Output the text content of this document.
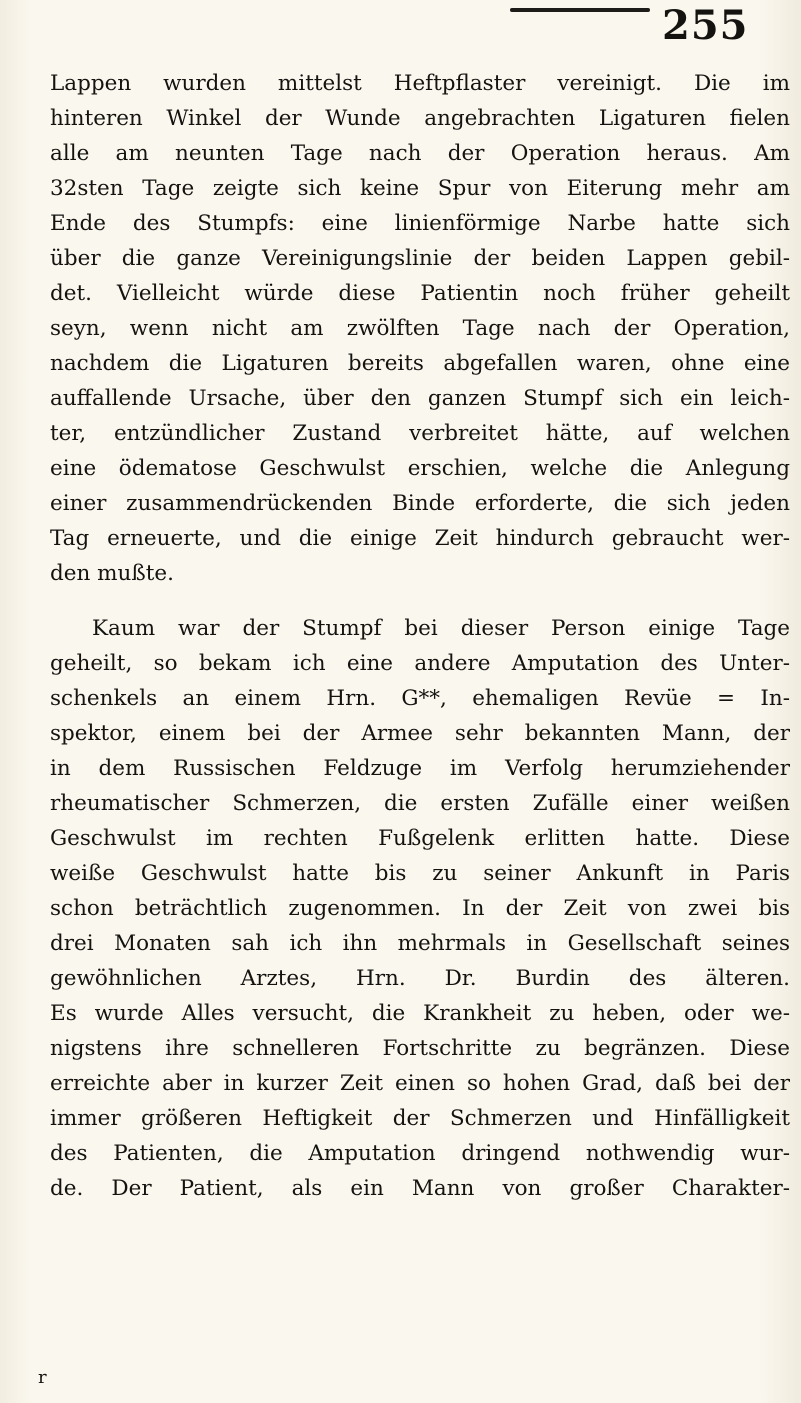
255
Lappen wurden mittelst Heftpflaster vereinigt. Die im
hinteren Winkel der Wunde angebrachten Ligaturen fielen
alle am neunten Tage nach der Operation heraus. Am
32sten Tage zeigte sich keine Spur von Eiterung mehr am
Ende des Stumpfs: eine linienförmige Narbe hatte sich
über die ganze Vereinigungslinie der beiden Lappen gebil-
det. Vielleicht würde diese Patientin noch früher geheilt
seyn, wenn nicht am zwölften Tage nach der Operation,
nachdem die Ligaturen bereits abgefallen waren, ohne eine
auffallende Ursache, über den ganzen Stumpf sich ein leich-
ter, entzündlicher Zustand verbreitet hätte, auf welchen
eine ödematose Geschwulst erschien, welche die Anlegung
einer zusammendrückenden Binde erforderte, die sich jeden
Tag erneuerte, und die einige Zeit hindurch gebraucht wer-
den mußte.
Kaum war der Stumpf bei dieser Person einige Tage
geheilt, so bekam ich eine andere Amputation des Unter-
schenkels an einem Hrn. G**, ehemaligen Revüe = In-
spektor, einem bei der Armee sehr bekannten Mann, der
in dem Russischen Feldzuge im Verfolg herumziehender
rheumatischer Schmerzen, die ersten Zufälle einer weißen
Geschwulst im rechten Fußgelenk erlitten hatte. Diese
weiße Geschwulst hatte bis zu seiner Ankunft in Paris
schon beträchtlich zugenommen. In der Zeit von zwei bis
drei Monaten sah ich ihn mehrmals in Gesellschaft seines
gewöhnlichen Arztes, Hrn. Dr. Burdin des älteren.
Es wurde Alles versucht, die Krankheit zu heben, oder we-
nigstens ihre schnelleren Fortschritte zu begränzen. Diese
erreichte aber in kurzer Zeit einen so hohen Grad, daß bei der
immer größeren Heftigkeit der Schmerzen und Hinfälligkeit
des Patienten, die Amputation dringend nothwendig wur-
de. Der Patient, als ein Mann von großer Charakter-
r
